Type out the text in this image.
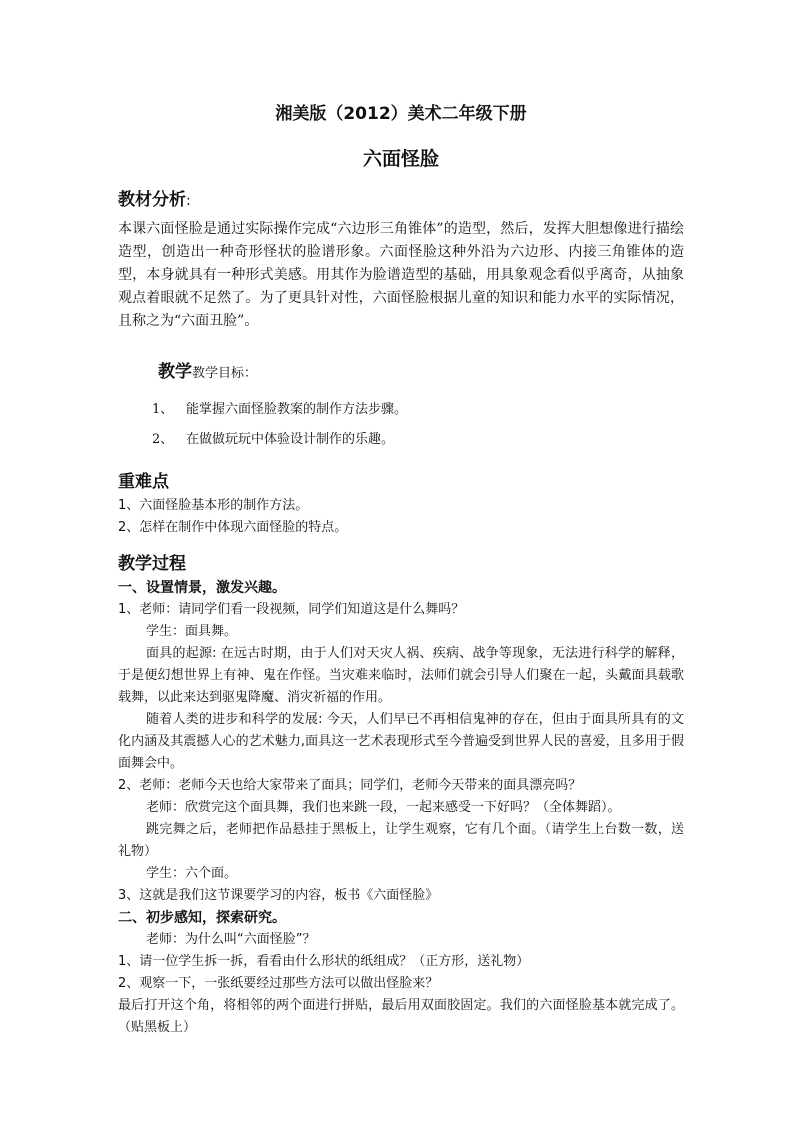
湘美版（2012）美术二年级下册
六面怪脸
教材分析:
本课六面怪脸是通过实际操作完成“六边形三角锥体”的造型，然后，发挥大胆想像进行描绘造型，创造出一种奇形怪状的脸谱形象。六面怪脸这种外沿为六边形、内接三角锥体的造型，本身就具有一种形式美感。用其作为脸谱造型的基础，用具象观念看似乎离奇，从抽象观点着眼就不足然了。为了更具针对性，六面怪脸根据儿童的知识和能力水平的实际情况，且称之为“六面丑脸”。
教学教学目标：
1、 能掌握六面怪脸教案的制作方法步骤。
2、 在做做玩玩中体验设计制作的乐趣。
重难点
1、六面怪脸基本形的制作方法。
2、怎样在制作中体现六面怪脸的特点。
教学过程
一、设置情景，激发兴趣。
1、老师：请同学们看一段视频，同学们知道这是什么舞吗？
学生：面具舞。
面具的起源: 在远古时期，由于人们对天灾人祸、疾病、战争等现象，无法进行科学的解释，于是便幻想世界上有神、鬼在作怪。当灾难来临时，法师们就会引导人们聚在一起，头戴面具载歌载舞，以此来达到驱鬼降魔、消灾祈福的作用。
随着人类的进步和科学的发展: 今天，人们早已不再相信鬼神的存在，但由于面具所具有的文化内涵及其震撼人心的艺术魅力,面具这一艺术表现形式至今普遍受到世界人民的喜爱，且多用于假面舞会中。
2、老师：老师今天也给大家带来了面具；同学们，老师今天带来的面具漂亮吗？
老师：欣赏完这个面具舞，我们也来跳一段，一起来感受一下好吗？（全体舞蹈）。
跳完舞之后，老师把作品悬挂于黑板上，让学生观察，它有几个面。（请学生上台数一数，送礼物）
学生：六个面。
3、这就是我们这节课要学习的内容，板书《六面怪脸》
二、初步感知，探索研究。
老师：为什么叫“六面怪脸”？
1、请一位学生拆一拆，看看由什么形状的纸组成？（正方形，送礼物）
2、观察一下，一张纸要经过那些方法可以做出怪脸来？
最后打开这个角，将相邻的两个面进行拼贴，最后用双面胶固定。我们的六面怪脸基本就完成了。（贴黑板上）
